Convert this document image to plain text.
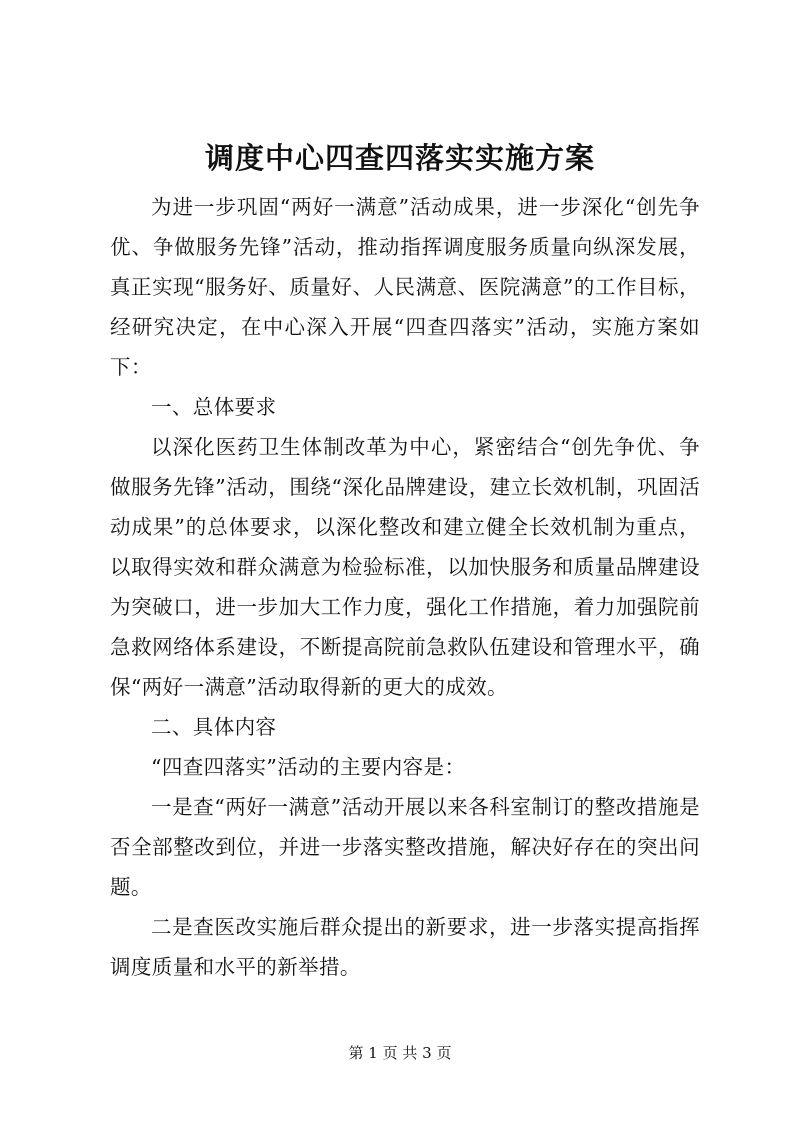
调度中心四查四落实实施方案

为进一步巩固“两好一满意”活动成果，进一步深化“创先争优、争做服务先锋”活动，推动指挥调度服务质量向纵深发展，真正实现“服务好、质量好、人民满意、医院满意”的工作目标，经研究决定，在中心深入开展“四查四落实”活动，实施方案如下：

一、总体要求

以深化医药卫生体制改革为中心，紧密结合“创先争优、争做服务先锋”活动，围绕“深化品牌建设，建立长效机制，巩固活动成果”的总体要求，以深化整改和建立健全长效机制为重点，以取得实效和群众满意为检验标准，以加快服务和质量品牌建设为突破口，进一步加大工作力度，强化工作措施，着力加强院前急救网络体系建设，不断提高院前急救队伍建设和管理水平，确保“两好一满意”活动取得新的更大的成效。

二、具体内容

“四查四落实”活动的主要内容是：

一是查“两好一满意”活动开展以来各科室制订的整改措施是否全部整改到位，并进一步落实整改措施，解决好存在的突出问题。

二是查医改实施后群众提出的新要求，进一步落实提高指挥调度质量和水平的新举措。

第 1 页 共 3 页
